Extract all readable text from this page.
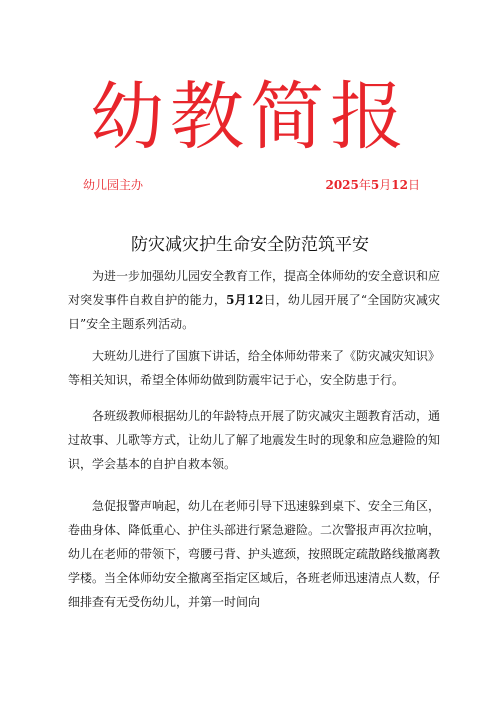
幼教简报
幼儿园主办	2025年5月12日
防灾减灾护生命安全防范筑平安

为进一步加强幼儿园安全教育工作，提高全体师幼的安全意识和应对突发事件自救自护的能力，5月12日，幼儿园开展了“全国防灾减灾日”安全主题系列活动。

大班幼儿进行了国旗下讲话，给全体师幼带来了《防灾减灾知识》等相关知识，希望全体师幼做到防震牢记于心，安全防患于行。

各班级教师根据幼儿的年龄特点开展了防灾减灾主题教育活动，通过故事、儿歌等方式，让幼儿了解了地震发生时的现象和应急避险的知识，学会基本的自护自救本领。

急促报警声响起，幼儿在老师引导下迅速躲到桌下、安全三角区，卷曲身体、降低重心、护住头部进行紧急避险。二次警报声再次拉响，幼儿在老师的带领下，弯腰弓背、护头遮颈，按照既定疏散路线撤离教学楼。当全体师幼安全撤离至指定区域后，各班老师迅速清点人数，仔细排查有无受伤幼儿，并第一时间向
